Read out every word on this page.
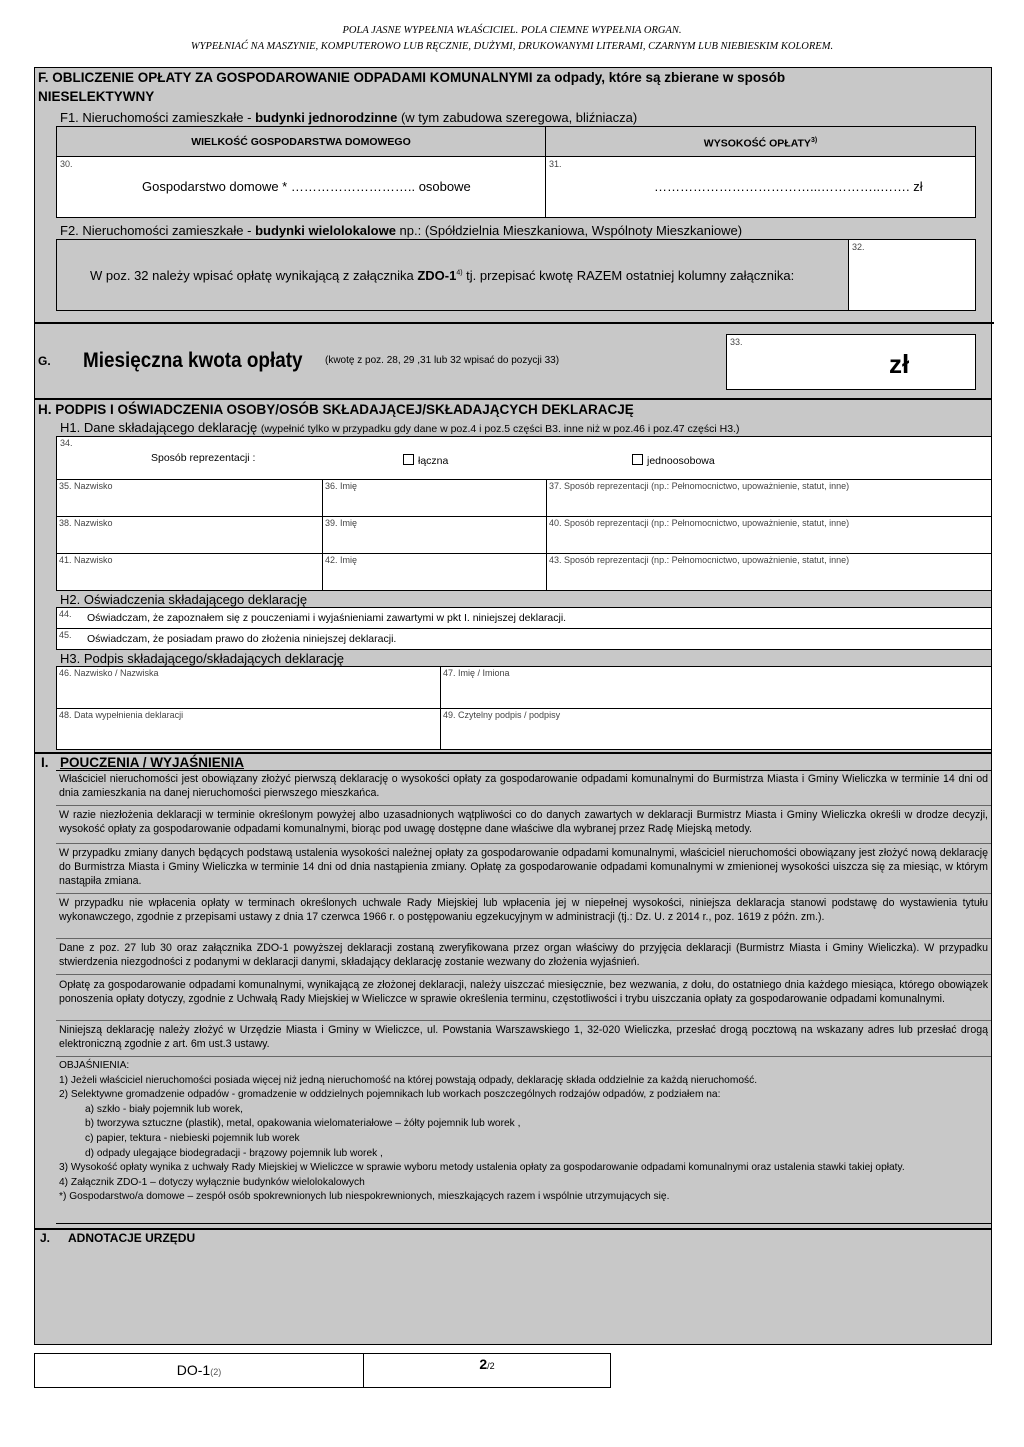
POLA JASNE WYPEŁNIA WŁAŚCICIEL. POLA CIEMNE WYPEŁNIA ORGAN.
WYPEŁNIAĆ NA MASZYNIE, KOMPUTEROWO LUB RĘCZNIE, DUŻYMI, DRUKOWANYMI LITERAMI, CZARNYM LUB NIEBIESKIM KOLOREM.
F. OBLICZENIE OPŁATY ZA GOSPODAROWANIE ODPADAMI KOMUNALNYMI za odpady, które są zbierane w sposób
NIESELEKTYWNY
F1. Nieruchomości zamieszkałe - budynki jednorodzinne (w tym zabudowa szeregowa, bliźniacza)
WIELKOŚĆ GOSPODARSTWA DOMOWEGO	WYSOKOŚĆ OPŁATY$^{3)}$
30.
Gospodarstwo domowe * ……………………….. osobowe
31.
………………………………...…………..……. zł
F2. Nieruchomości zamieszkałe - budynki wielolokalowe np.: (Spółdzielnia Mieszkaniowa, Wspólnoty Mieszkaniowe)
W poz. 32 należy wpisać opłatę wynikającą z załącznika ZDO-1$^{4)}$ tj. przepisać kwotę RAZEM ostatniej kolumny załącznika:
32.
G. Miesięczna kwota opłaty (kwotę z poz. 28, 29 ,31 lub 32 wpisać do pozycji 33)
33.
zł
H. PODPIS I OŚWIADCZENIA OSOBY/OSÓB SKŁADAJĄCEJ/SKŁADAJĄCYCH DEKLARACJĘ
H1. Dane składającego deklarację (wypełnić tylko w przypadku gdy dane w poz.4 i poz.5 części B3. inne niż w poz.46 i poz.47 części H3.)
34.
Sposób reprezentacji :	łączna	jednoosobowa
35. Nazwisko	36. Imię	37. Sposób reprezentacji (np.: Pełnomocnictwo, upoważnienie, statut, inne)
38. Nazwisko	39. Imię	40. Sposób reprezentacji (np.: Pełnomocnictwo, upoważnienie, statut, inne)
41. Nazwisko	42. Imię	43. Sposób reprezentacji (np.: Pełnomocnictwo, upoważnienie, statut, inne)
H2. Oświadczenia składającego deklarację
44. Oświadczam, że zapoznałem się z pouczeniami i wyjaśnieniami zawartymi w pkt I. niniejszej deklaracji.
45. Oświadczam, że posiadam prawo do złożenia niniejszej deklaracji.
H3. Podpis składającego/składających deklarację
46. Nazwisko / Nazwiska	47. Imię / Imiona
48. Data wypełnienia deklaracji	49. Czytelny podpis / podpisy
I. POUCZENIA / WYJAŚNIENIA
Właściciel nieruchomości jest obowiązany złożyć pierwszą deklarację o wysokości opłaty za gospodarowanie odpadami komunalnymi do Burmistrza Miasta i Gminy Wieliczka w terminie 14 dni od dnia zamieszkania na danej nieruchomości pierwszego mieszkańca.
W razie niezłożenia deklaracji w terminie określonym powyżej albo uzasadnionych wątpliwości co do danych zawartych w deklaracji Burmistrz Miasta i Gminy Wieliczka określi w drodze decyzji, wysokość opłaty za gospodarowanie odpadami komunalnymi, biorąc pod uwagę dostępne dane właściwe dla wybranej przez Radę Miejską metody.
W przypadku zmiany danych będących podstawą ustalenia wysokości należnej opłaty za gospodarowanie odpadami komunalnymi, właściciel nieruchomości obowiązany jest złożyć nową deklarację do Burmistrza Miasta i Gminy Wieliczka w terminie 14 dni od dnia nastąpienia zmiany. Opłatę za gospodarowanie odpadami komunalnymi w zmienionej wysokości uiszcza się za miesiąc, w którym nastąpiła zmiana.
W przypadku nie wpłacenia opłaty w terminach określonych uchwale Rady Miejskiej lub wpłacenia jej w niepełnej wysokości, niniejsza deklaracja stanowi podstawę do wystawienia tytułu wykonawczego, zgodnie z przepisami ustawy z dnia 17 czerwca 1966 r. o postępowaniu egzekucyjnym w administracji (tj.: Dz. U. z 2014 r., poz. 1619 z późn. zm.).
Dane z poz. 27 lub 30 oraz załącznika ZDO-1 powyższej deklaracji zostaną zweryfikowana przez organ właściwy do przyjęcia deklaracji (Burmistrz Miasta i Gminy Wieliczka). W przypadku stwierdzenia niezgodności z podanymi w deklaracji danymi, składający deklarację zostanie wezwany do złożenia wyjaśnień.
Opłatę za gospodarowanie odpadami komunalnymi, wynikającą ze złożonej deklaracji, należy uiszczać miesięcznie, bez wezwania, z dołu, do ostatniego dnia każdego miesiąca, którego obowiązek ponoszenia opłaty dotyczy, zgodnie z Uchwałą Rady Miejskiej w Wieliczce w sprawie określenia terminu, częstotliwości i trybu uiszczania opłaty za gospodarowanie odpadami komunalnymi.
Niniejszą deklarację należy złożyć w Urzędzie Miasta i Gminy w Wieliczce, ul. Powstania Warszawskiego 1, 32-020 Wieliczka, przesłać drogą pocztową na wskazany adres lub przesłać drogą elektroniczną zgodnie z art. 6m ust.3 ustawy.
OBJAŚNIENIA:
1) Jeżeli właściciel nieruchomości posiada więcej niż jedną nieruchomość na której powstają odpady, deklarację składa oddzielnie za każdą nieruchomość.
2) Selektywne gromadzenie odpadów - gromadzenie w oddzielnych pojemnikach lub workach poszczególnych rodzajów odpadów, z podziałem na:
a) szkło - biały pojemnik lub worek,
b) tworzywa sztuczne (plastik), metal, opakowania wielomateriałowe – żółty pojemnik lub worek ,
c) papier, tektura - niebieski pojemnik lub worek
d) odpady ulegające biodegradacji - brązowy pojemnik lub worek ,
3) Wysokość opłaty wynika z uchwały Rady Miejskiej w Wieliczce w sprawie wyboru metody ustalenia opłaty za gospodarowanie odpadami komunalnymi oraz ustalenia stawki takiej opłaty.
4) Załącznik ZDO-1 – dotyczy wyłącznie budynków wielolokalowych
*) Gospodarstwo/a domowe – zespół osób spokrewnionych lub niespokrewnionych, mieszkających razem i wspólnie utrzymujących się.
J. ADNOTACJE URZĘDU
DO-1(2)	2/2
